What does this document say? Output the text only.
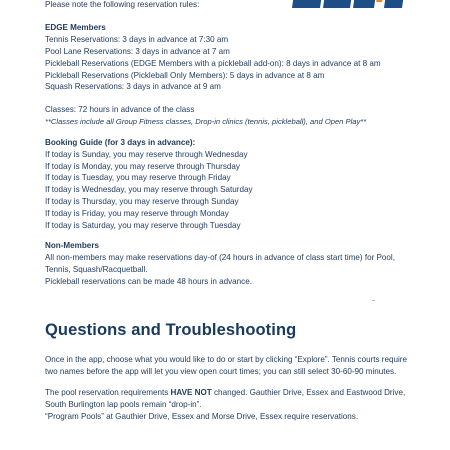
Please note the following reservation rules:

EDGE Members

Tennis Reservations: 3 days in advance at 7:30 am

Pool Lane Reservations: 3 days in advance at 7 am

Pickleball Reservations (EDGE Members with a pickleball add-on): 8 days in advance at 8 am

Pickleball Reservations (Pickleball Only Members): 5 days in advance at 8 am

Squash Reservations: 3 days in advance at 9 am

Classes: 72 hours in advance of the class

**Classes include all Group Fitness classes, Drop-in clinics (tennis, pickleball), and Open Play**

Booking Guide (for 3 days in advance):

If today is Sunday, you may reserve through Wednesday

If today is Monday, you may reserve through Thursday

If today is Tuesday, you may reserve through Friday

If today is Wednesday, you may reserve through Saturday

If today is Thursday, you may reserve through Sunday

If today is Friday, you may reserve through Monday

If today is Saturday, you may reserve through Tuesday

Non-Members

All non-members may make reservations day-of (24 hours in advance of class start time) for Pool, Tennis, Squash/Racquetball.

Pickleball reservations can be made 48 hours in advance.

Questions and Troubleshooting

Once in the app, choose what you would like to do or start by clicking “Explore”. Tennis courts require two names before the app will let you view open court times; you can still select 30-60-90 minutes.

The pool reservation requirements HAVE NOT changed. Gauthier Drive, Essex and Eastwood Drive, South Burlington lap pools remain “drop-in”.

“Program Pools” at Gauthier Drive, Essex and Morse Drive, Essex require reservations.
